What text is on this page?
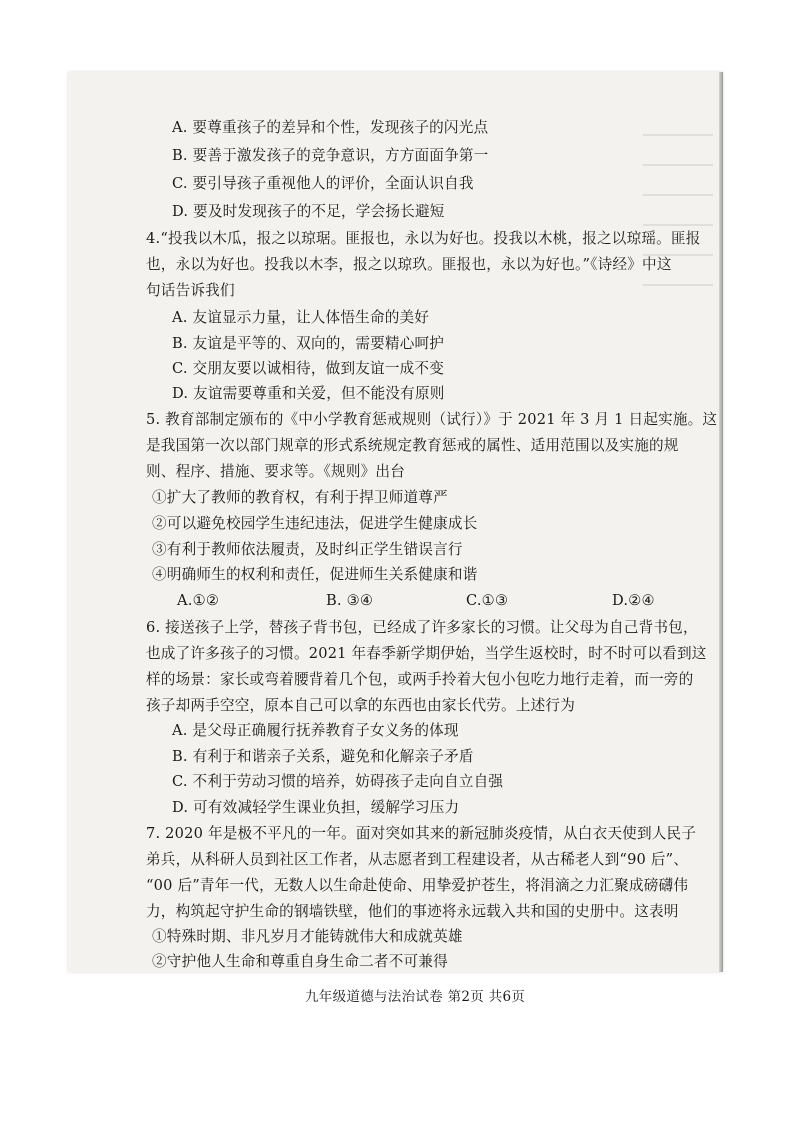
A. 要尊重孩子的差异和个性，发现孩子的闪光点

B. 要善于激发孩子的竞争意识，方方面面争第一

C. 要引导孩子重视他人的评价，全面认识自我

D. 要及时发现孩子的不足，学会扬长避短

4.“投我以木瓜，报之以琼琚。匪报也，永以为好也。投我以木桃，报之以琼瑶。匪报

也，永以为好也。投我以木李，报之以琼玖。匪报也，永以为好也。”《诗经》中这

句话告诉我们

A. 友谊显示力量，让人体悟生命的美好

B. 友谊是平等的、双向的，需要精心呵护

C. 交朋友要以诚相待，做到友谊一成不变

D. 友谊需要尊重和关爱，但不能没有原则

5. 教育部制定颁布的《中小学教育惩戒规则（试行）》于 2021 年 3 月 1 日起实施。这

是我国第一次以部门规章的形式系统规定教育惩戒的属性、适用范围以及实施的规

则、程序、措施、要求等。《规则》出台

①扩大了教师的教育权，有利于捍卫师道尊严

②可以避免校园学生违纪违法，促进学生健康成长

③有利于教师依法履责，及时纠正学生错误言行

④明确师生的权利和责任，促进师生关系健康和谐

A.①②	B. ③④	C.①③	D.②④

6. 接送孩子上学，替孩子背书包，已经成了许多家长的习惯。让父母为自己背书包，

也成了许多孩子的习惯。2021 年春季新学期伊始，当学生返校时，时不时可以看到这

样的场景：家长或弯着腰背着几个包，或两手拎着大包小包吃力地行走着，而一旁的

孩子却两手空空，原本自己可以拿的东西也由家长代劳。上述行为

A. 是父母正确履行抚养教育子女义务的体现

B. 有利于和谐亲子关系，避免和化解亲子矛盾

C. 不利于劳动习惯的培养，妨碍孩子走向自立自强

D. 可有效减轻学生课业负担，缓解学习压力

7. 2020 年是极不平凡的一年。面对突如其来的新冠肺炎疫情，从白衣天使到人民子

弟兵，从科研人员到社区工作者，从志愿者到工程建设者，从古稀老人到“90 后”、

“00 后”青年一代，无数人以生命赴使命、用挚爱护苍生，将涓滴之力汇聚成磅礴伟

力，构筑起守护生命的钢墙铁壁，他们的事迹将永远载入共和国的史册中。这表明

①特殊时期、非凡岁月才能铸就伟大和成就英雄

②守护他人生命和尊重自身生命二者不可兼得

九年级道德与法治试卷 第2页 共6页
